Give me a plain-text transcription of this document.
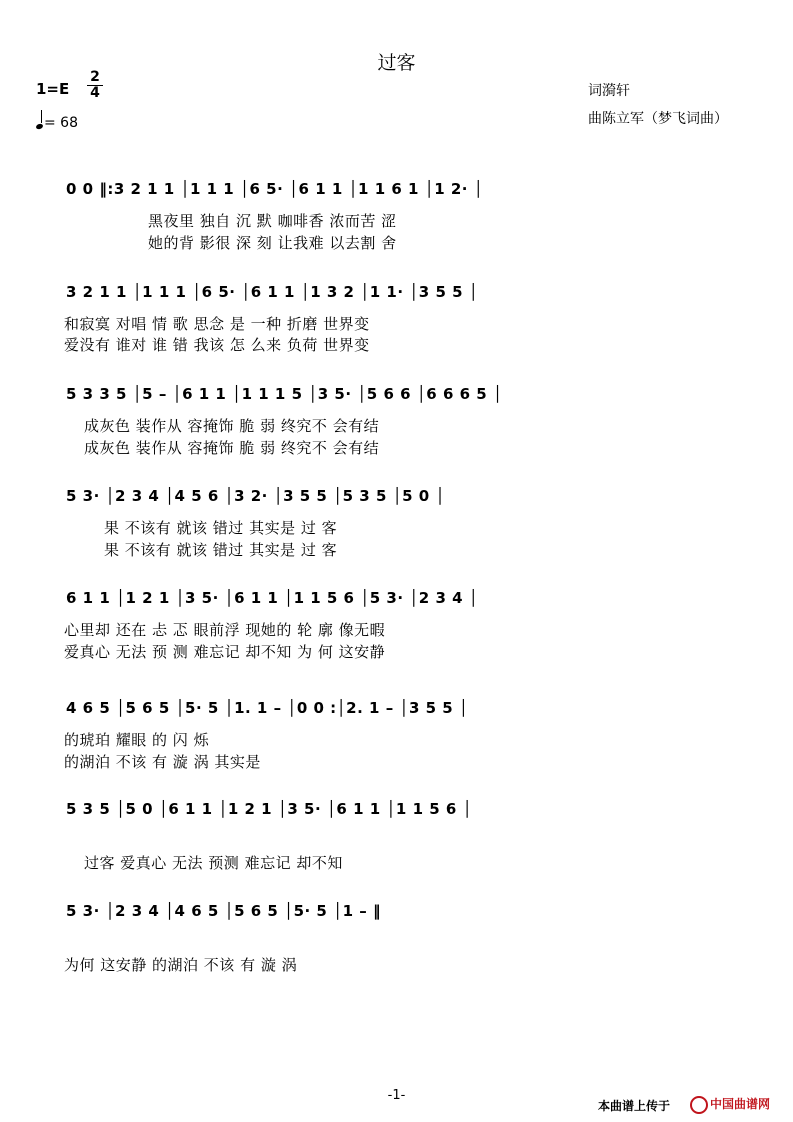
过客
1=E
2
4
= 68
词漪轩
曲陈立军（梦飞词曲）
0 0 ‖:3 2 1 1 │1 1 1 │6 5· │6 1 1 │1 1 6 1 │1 2· │
黑夜里 独自 沉 默 咖啡香 浓而苦 涩
她的背 影很 深 刻 让我难 以去割 舍
3 2 1 1 │1 1 1 │6 5· │6 1 1 │1 3 2 │1 1· │3 5 5 │
和寂寞 对唱 情 歌 思念 是 一种 折磨 世界变
爱没有 谁对 谁 错 我该 怎 么来 负荷 世界变
5 3 3 5 │5 – │6 1 1 │1 1 1 5 │3 5· │5 6 6 │6 6 6 5 │
成灰色 装作从 容掩饰 脆 弱 终究不 会有结
成灰色 装作从 容掩饰 脆 弱 终究不 会有结
5 3· │2 3 4 │4 5 6 │3 2· │3 5 5 │5 3 5 │5 0 │
果 不该有 就该 错过 其实是 过 客
果 不该有 就该 错过 其实是 过 客
6 1 1 │1 2 1 │3 5· │6 1 1 │1 1 5 6 │5 3· │2 3 4 │
心里却 还在 忐 忑 眼前浮 现她的 轮 廓 像无暇
爱真心 无法 预 测 难忘记 却不知 为 何 这安静
4 6 5 │5 6 5 │5· 5 │1. 1 – │0 0 :│2. 1 – │3 5 5 │
的琥珀 耀眼 的 闪 烁
的湖泊 不该 有 漩 涡 其实是
5 3 5 │5 0 │6 1 1 │1 2 1 │3 5· │6 1 1 │1 1 5 6 │
过客 爱真心 无法 预测 难忘记 却不知
5 3· │2 3 4 │4 6 5 │5 6 5 │5· 5 │1 – ‖
为何 这安静 的湖泊 不该 有 漩 涡
-1-
本曲谱上传于	中国曲谱网
